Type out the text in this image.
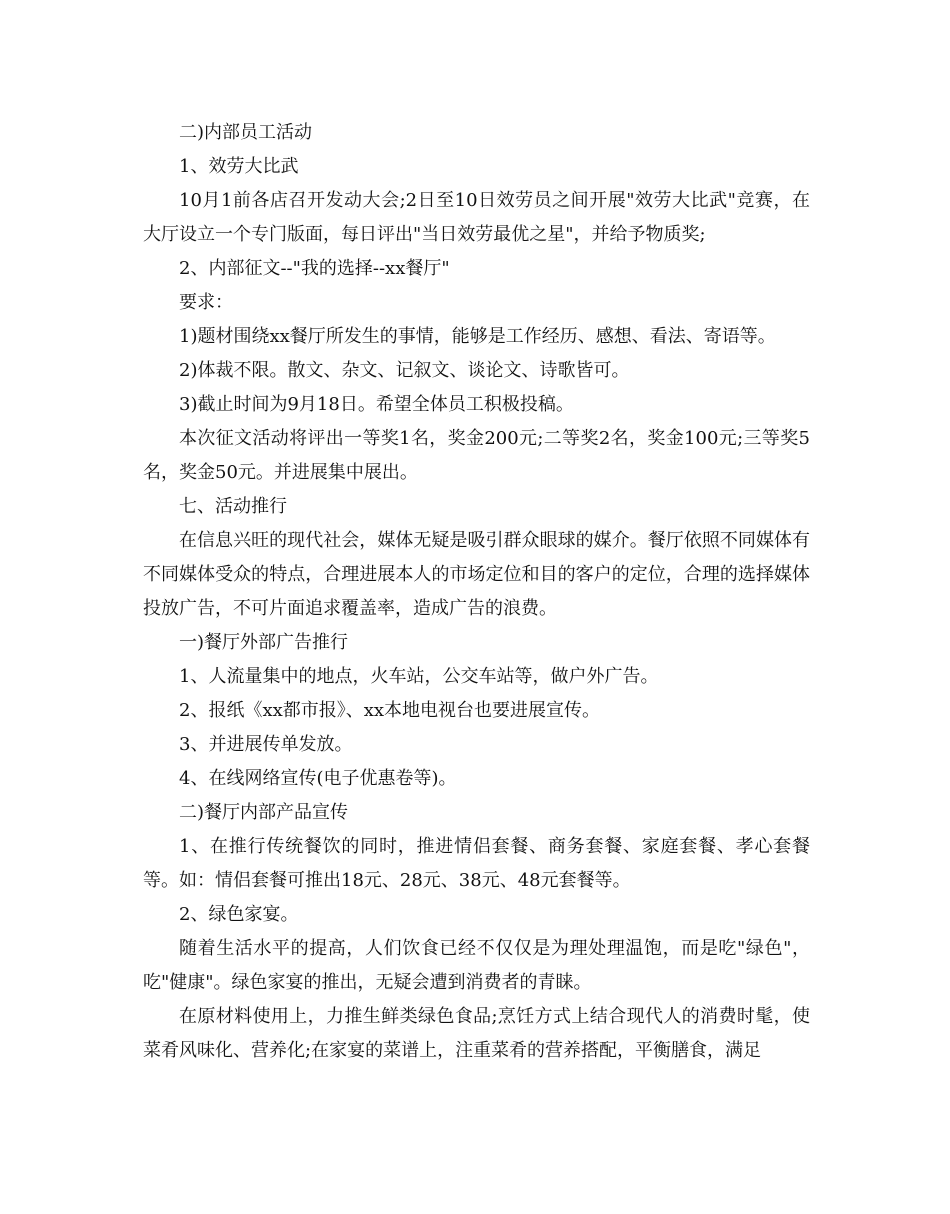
二)内部员工活动

1、效劳大比武

10月1前各店召开发动大会;2日至10日效劳员之间开展"效劳大比武"竞赛，在大厅设立一个专门版面，每日评出"当日效劳最优之星"，并给予物质奖;

2、内部征文--"我的选择--xx餐厅"

要求：

1)题材围绕xx餐厅所发生的事情，能够是工作经历、感想、看法、寄语等。

2)体裁不限。散文、杂文、记叙文、谈论文、诗歌皆可。

3)截止时间为9月18日。希望全体员工积极投稿。

本次征文活动将评出一等奖1名，奖金200元;二等奖2名，奖金100元;三等奖5名，奖金50元。并进展集中展出。

七、活动推行

在信息兴旺的现代社会，媒体无疑是吸引群众眼球的媒介。餐厅依照不同媒体有不同媒体受众的特点，合理进展本人的市场定位和目的客户的定位，合理的选择媒体投放广告，不可片面追求覆盖率，造成广告的浪费。

一)餐厅外部广告推行

1、人流量集中的地点，火车站，公交车站等，做户外广告。

2、报纸《xx都市报》、xx本地电视台也要进展宣传。

3、并进展传单发放。

4、在线网络宣传(电子优惠卷等)。

二)餐厅内部产品宣传

1、在推行传统餐饮的同时，推进情侣套餐、商务套餐、家庭套餐、孝心套餐等。如：情侣套餐可推出18元、28元、38元、48元套餐等。

2、绿色家宴。

随着生活水平的提高，人们饮食已经不仅仅是为理处理温饱，而是吃"绿色"，吃"健康"。绿色家宴的推出，无疑会遭到消费者的青睐。

在原材料使用上，力推生鲜类绿色食品;烹饪方式上结合现代人的消费时髦，使菜肴风味化、营养化;在家宴的菜谱上，注重菜肴的营养搭配，平衡膳食，满足
